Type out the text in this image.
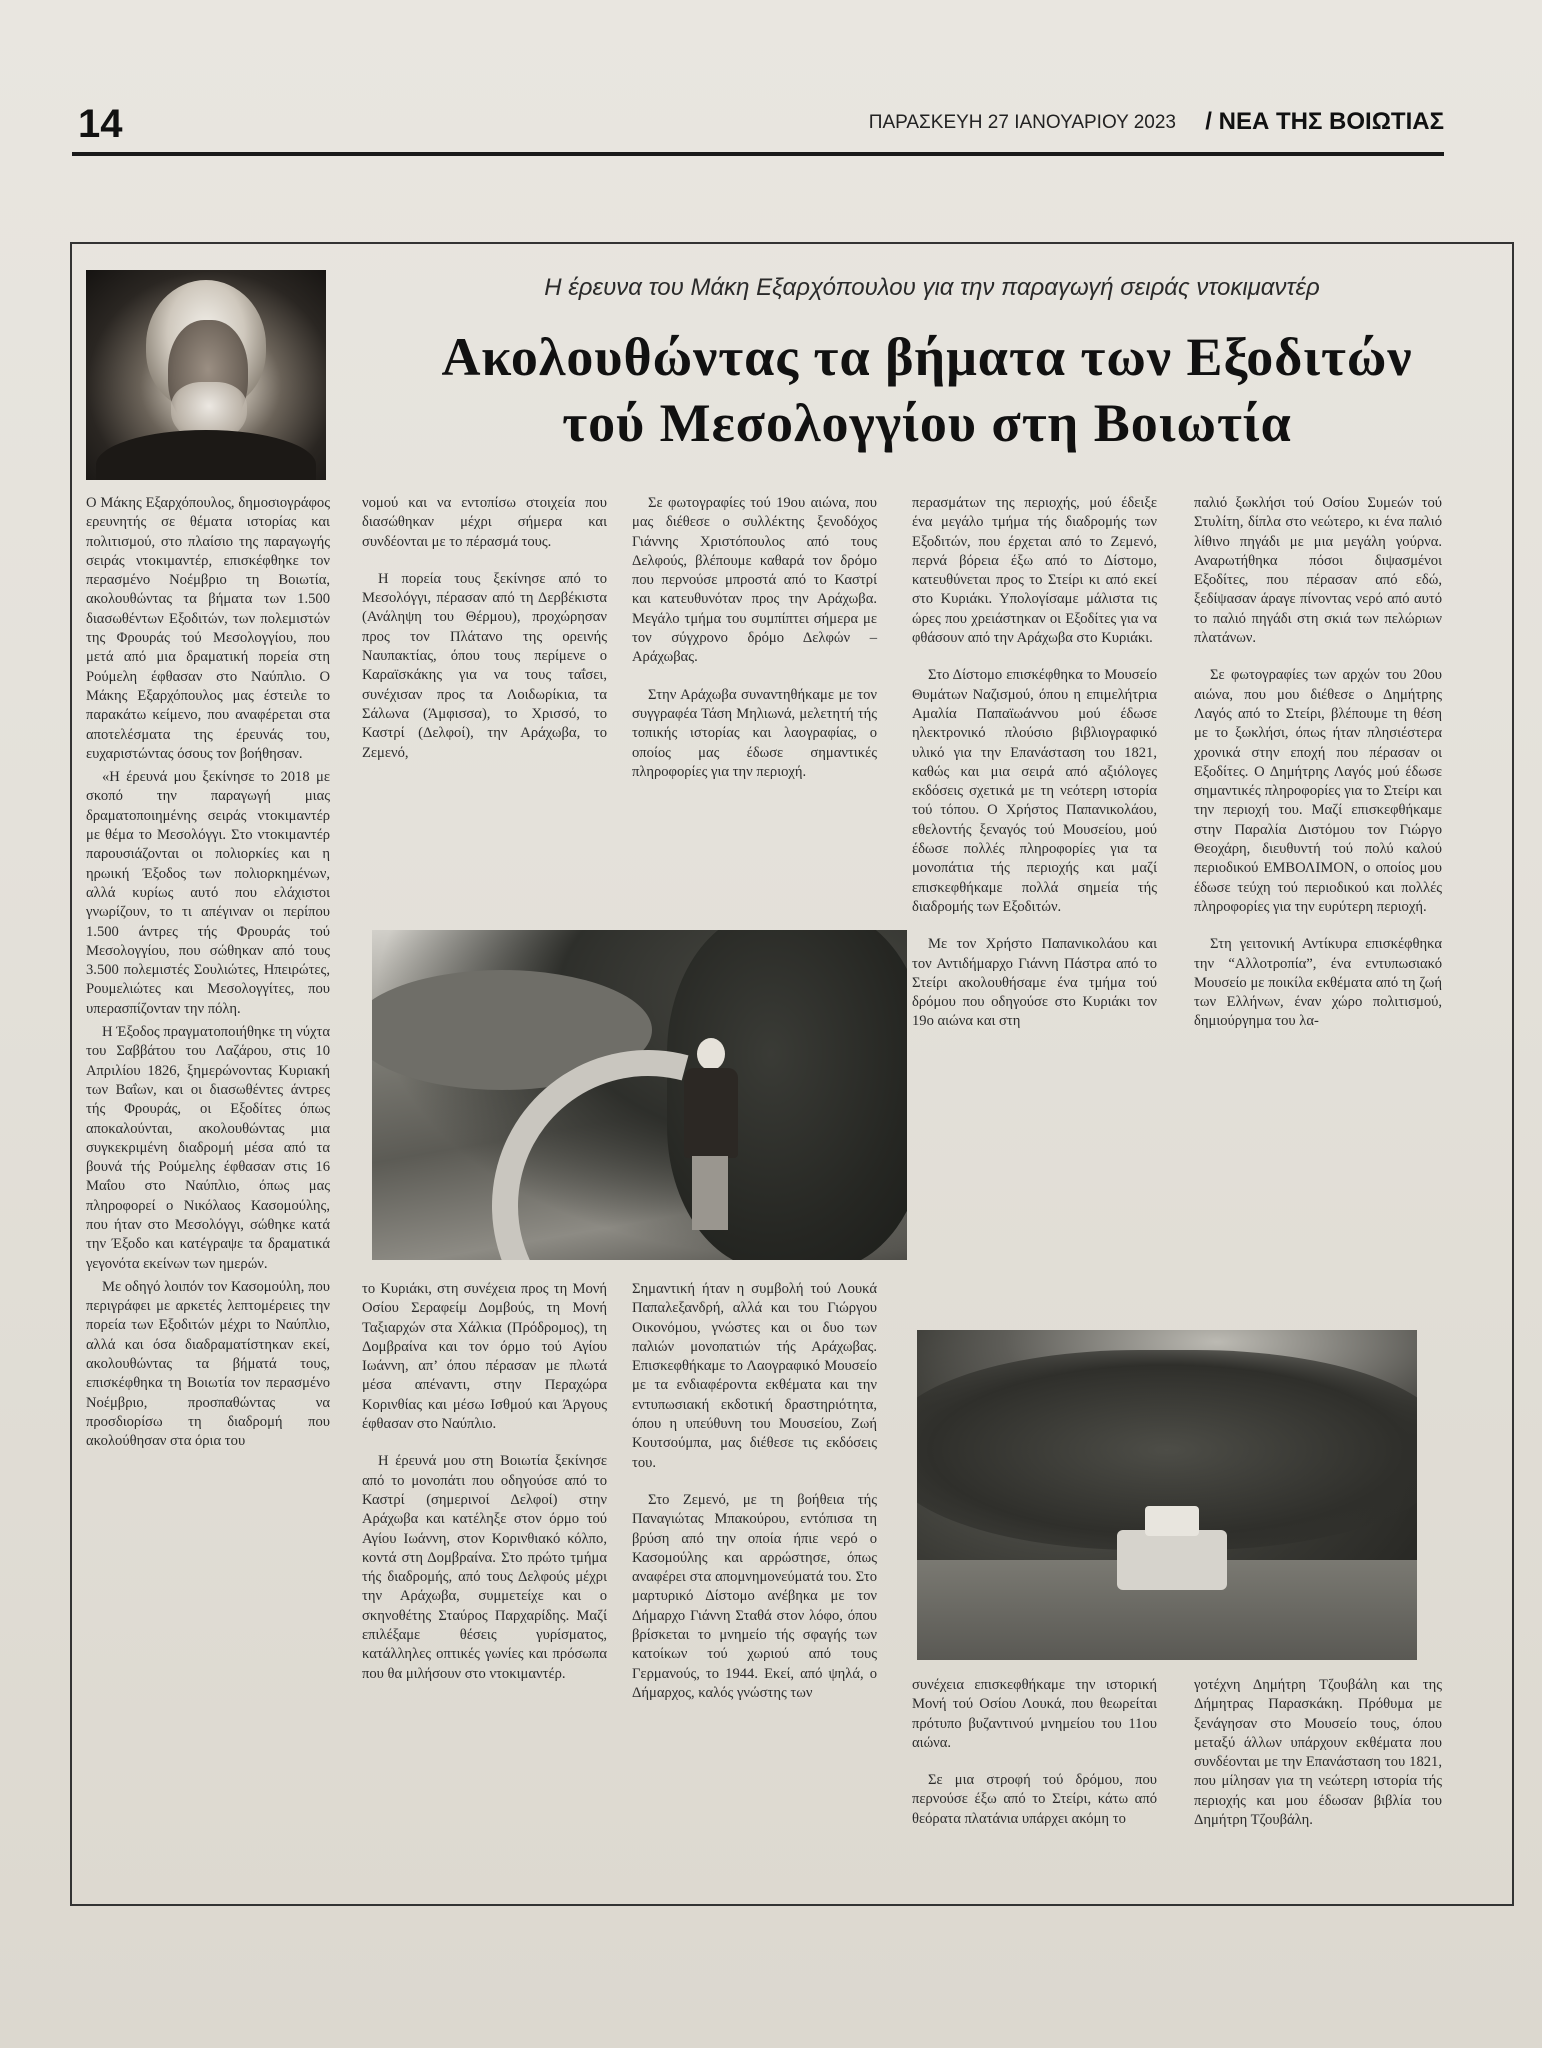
14	ΠΑΡΑΣΚΕΥΗ 27 ΙΑΝΟΥΑΡΙΟΥ 2023 / ΝΕΑ ΤΗΣ ΒΟΙΩΤΙΑΣ
Η έρευνα του Μάκη Εξαρχόπουλου για την παραγωγή σειράς ντοκιμαντέρ
Ακολουθώντας τα βήματα των Εξοδιτών
τού Μεσολογγίου στη Βοιωτία

Ο Μάκης Εξαρχόπουλος, δημοσιογράφος ερευνητής σε θέματα ιστορίας και πολιτισμού, στο πλαίσιο της παραγωγής σειράς ντοκιμαντέρ, επισκέφθηκε τον περασμένο Νοέμβριο τη Βοιωτία, ακολουθώντας τα βήματα των 1.500 διασωθέντων Εξοδιτών, των πολεμιστών της Φρουράς τού Μεσολογγίου, που μετά από μια δραματική πορεία στη Ρούμελη έφθασαν στο Ναύπλιο. Ο Μάκης Εξαρχόπουλος μας έστειλε το παρακάτω κείμενο, που αναφέρεται στα αποτελέσματα της έρευνάς του, ευχαριστώντας όσους τον βοήθησαν.

«Η έρευνά μου ξεκίνησε το 2018 με σκοπό την παραγωγή μιας δραματοποιημένης σειράς ντοκιμαντέρ με θέμα το Μεσολόγγι. Στο ντοκιμαντέρ παρουσιάζονται οι πολιορκίες και η ηρωική Έξοδος των πολιορκημένων, αλλά κυρίως αυτό που ελάχιστοι γνωρίζουν, το τι απέγιναν οι περίπου 1.500 άντρες τής Φρουράς τού Μεσολογγίου, που σώθηκαν από τους 3.500 πολεμιστές Σουλιώτες, Ηπειρώτες, Ρουμελιώτες και Μεσολογγίτες, που υπερασπίζονταν την πόλη.

Η Έξοδος πραγματοποιήθηκε τη νύχτα του Σαββάτου του Λαζάρου, στις 10 Απριλίου 1826, ξημερώνοντας Κυριακή των Βαΐων, και οι διασωθέντες άντρες τής Φρουράς, οι Εξοδίτες όπως αποκαλούνται, ακολουθώντας μια συγκεκριμένη διαδρομή μέσα από τα βουνά τής Ρούμελης έφθασαν στις 16 Μαΐου στο Ναύπλιο, όπως μας πληροφορεί ο Νικόλαος Κασομούλης, που ήταν στο Μεσολόγγι, σώθηκε κατά την Έξοδο και κατέγραψε τα δραματικά γεγονότα εκείνων των ημερών.

Με οδηγό λοιπόν τον Κασομούλη, που περιγράφει με αρκετές λεπτομέρειες την πορεία των Εξοδιτών μέχρι το Ναύπλιο, αλλά και όσα διαδραματίστηκαν εκεί, ακολουθώντας τα βήματά τους, επισκέφθηκα τη Βοιωτία τον περασμένο Νοέμβριο, προσπαθώντας να προσδιορίσω τη διαδρομή που ακολούθησαν στα όρια του

νομού και να εντοπίσω στοιχεία που διασώθηκαν μέχρι σήμερα και συνδέονται με το πέρασμά τους.

Η πορεία τους ξεκίνησε από το Μεσολόγγι, πέρασαν από τη Δερβέκιστα (Ανάληψη του Θέρμου), προχώρησαν προς τον Πλάτανο της ορεινής Ναυπακτίας, όπου τους περίμενε ο Καραϊσκάκης για να τους ταΐσει, συνέχισαν προς τα Λοιδωρίκια, τα Σάλωνα (Άμφισσα), το Χρισσό, το Καστρί (Δελφοί), την Αράχωβα, το Ζεμενό,

Σε φωτογραφίες τού 19ου αιώνα, που μας διέθεσε ο συλλέκτης ξενοδόχος Γιάννης Χριστόπουλος από τους Δελφούς, βλέπουμε καθαρά τον δρόμο που περνούσε μπροστά από το Καστρί και κατευθυνόταν προς την Αράχωβα. Μεγάλο τμήμα του συμπίπτει σήμερα με τον σύγχρονο δρόμο Δελφών – Αράχωβας.

Στην Αράχωβα συναντηθήκαμε με τον συγγραφέα Τάση Μηλιωνά, μελετητή τής τοπικής ιστορίας και λαογραφίας, ο οποίος μας έδωσε σημαντικές πληροφορίες για την περιοχή.

περασμάτων της περιοχής, μού έδειξε ένα μεγάλο τμήμα τής διαδρομής των Εξοδιτών, που έρχεται από το Ζεμενό, περνά βόρεια έξω από το Δίστομο, κατευθύνεται προς το Στείρι κι από εκεί στο Κυριάκι. Υπολογίσαμε μάλιστα τις ώρες που χρειάστηκαν οι Εξοδίτες για να φθάσουν από την Αράχωβα στο Κυριάκι.

Στο Δίστομο επισκέφθηκα το Μουσείο Θυμάτων Ναζισμού, όπου η επιμελήτρια Αμαλία Παπαϊωάννου μού έδωσε ηλεκτρονικό πλούσιο βιβλιογραφικό υλικό για την Επανάσταση του 1821, καθώς και μια σειρά από αξιόλογες εκδόσεις σχετικά με τη νεότερη ιστορία τού τόπου. Ο Χρήστος Παπανικολάου, εθελοντής ξεναγός τού Μουσείου, μού έδωσε πολλές πληροφορίες για τα μονοπάτια τής περιοχής και μαζί επισκεφθήκαμε πολλά σημεία τής διαδρομής των Εξοδιτών.

Με τον Χρήστο Παπανικολάου και τον Αντιδήμαρχο Γιάννη Πάστρα από το Στείρι ακολουθήσαμε ένα τμήμα τού δρόμου που οδηγούσε στο Κυριάκι τον 19ο αιώνα και στη

παλιό ξωκλήσι τού Οσίου Συμεών τού Στυλίτη, δίπλα στο νεώτερο, κι ένα παλιό λίθινο πηγάδι με μια μεγάλη γούρνα. Αναρωτήθηκα πόσοι διψασμένοι Εξοδίτες, που πέρασαν από εδώ, ξεδίψασαν άραγε πίνοντας νερό από αυτό το παλιό πηγάδι στη σκιά των πελώριων πλατάνων.

Σε φωτογραφίες των αρχών του 20ου αιώνα, που μου διέθεσε ο Δημήτρης Λαγός από το Στείρι, βλέπουμε τη θέση με το ξωκλήσι, όπως ήταν πλησιέστερα χρονικά στην εποχή που πέρασαν οι Εξοδίτες. Ο Δημήτρης Λαγός μού έδωσε σημαντικές πληροφορίες για το Στείρι και την περιοχή του. Μαζί επισκεφθήκαμε στην Παραλία Διστόμου τον Γιώργο Θεοχάρη, διευθυντή τού πολύ καλού περιοδικού ΕΜΒΟΛΙΜΟΝ, ο οποίος μου έδωσε τεύχη τού περιοδικού και πολλές πληροφορίες για την ευρύτερη περιοχή.

Στη γειτονική Αντίκυρα επισκέφθηκα την “Αλλοτροπία”, ένα εντυπωσιακό Μουσείο με ποικίλα εκθέματα από τη ζωή των Ελλήνων, έναν χώρο πολιτισμού, δημιούργημα του λα-

το Κυριάκι, στη συνέχεια προς τη Μονή Οσίου Σεραφείμ Δομβούς, τη Μονή Ταξιαρχών στα Χάλκια (Πρόδρομος), τη Δομβραίνα και τον όρμο τού Αγίου Ιωάννη, απ’ όπου πέρασαν με πλωτά μέσα απέναντι, στην Περαχώρα Κορινθίας και μέσω Ισθμού και Άργους έφθασαν στο Ναύπλιο.

Η έρευνά μου στη Βοιωτία ξεκίνησε από το μονοπάτι που οδηγούσε από το Καστρί (σημερινοί Δελφοί) στην Αράχωβα και κατέληξε στον όρμο τού Αγίου Ιωάννη, στον Κορινθιακό κόλπο, κοντά στη Δομβραίνα. Στο πρώτο τμήμα τής διαδρομής, από τους Δελφούς μέχρι την Αράχωβα, συμμετείχε και ο σκηνοθέτης Σταύρος Παρχαρίδης. Μαζί επιλέξαμε θέσεις γυρίσματος, κατάλληλες οπτικές γωνίες και πρόσωπα που θα μιλήσουν στο ντοκιμαντέρ.

Σημαντική ήταν η συμβολή τού Λουκά Παπαλεξανδρή, αλλά και του Γιώργου Οικονόμου, γνώστες και οι δυο των παλιών μονοπατιών τής Αράχωβας. Επισκεφθήκαμε το Λαογραφικό Μουσείο με τα ενδιαφέροντα εκθέματα και την εντυπωσιακή εκδοτική δραστηριότητα, όπου η υπεύθυνη του Μουσείου, Ζωή Κουτσούμπα, μας διέθεσε τις εκδόσεις του.

Στο Ζεμενό, με τη βοήθεια τής Παναγιώτας Μπακούρου, εντόπισα τη βρύση από την οποία ήπιε νερό ο Κασομούλης και αρρώστησε, όπως αναφέρει στα απομνημονεύματά του. Στο μαρτυρικό Δίστομο ανέβηκα με τον Δήμαρχο Γιάννη Σταθά στον λόφο, όπου βρίσκεται το μνημείο τής σφαγής των κατοίκων τού χωριού από τους Γερμανούς, το 1944. Εκεί, από ψηλά, ο Δήμαρχος, καλός γνώστης των	συνέχεια επισκεφθήκαμε την ιστορική Μονή τού Οσίου Λουκά, που θεωρείται πρότυπο βυζαντινού μνημείου του 11ου αιώνα.

Σε μια στροφή τού δρόμου, που περνούσε έξω από το Στείρι, κάτω από θεόρατα πλατάνια υπάρχει ακόμη το

γοτέχνη Δημήτρη Τζουβάλη και της Δήμητρας Παρασκάκη. Πρόθυμα με ξενάγησαν στο Μουσείο τους, όπου μεταξύ άλλων υπάρχουν εκθέματα που συνδέονται με την Επανάσταση του 1821, που μίλησαν για τη νεώτερη ιστορία τής περιοχής και μου έδωσαν βιβλία του Δημήτρη Τζουβάλη.
